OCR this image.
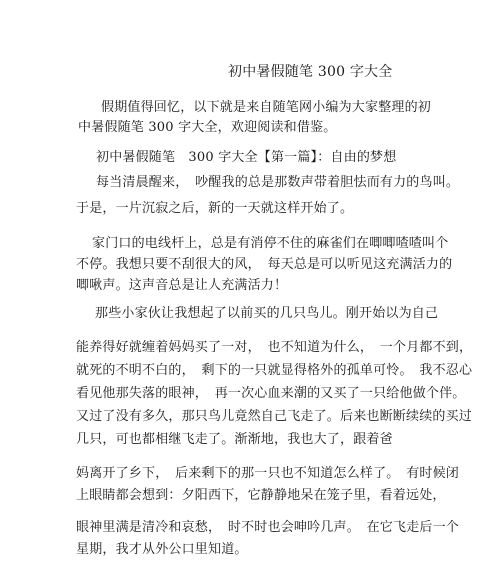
初中暑假随笔 300 字大全
假期值得回忆，以下就是来自随笔网小编为大家整理的初
中暑假随笔 300 字大全，欢迎阅读和借鉴。
初中暑假随笔　300 字大全【第一篇】：自由的梦想
每当清晨醒来，　吵醒我的总是那数声带着胆怯而有力的鸟叫。
于是，一片沉寂之后，新的一天就这样开始了。
家门口的电线杆上，总是有消停不住的麻雀们在唧唧喳喳叫个
不停。我想只要不刮很大的风，　每天总是可以听见这充满活力的
唧啾声。这声音总是让人充满活力！
那些小家伙让我想起了以前买的几只鸟儿。刚开始以为自己
能养得好就缠着妈妈买了一对，　也不知道为什么，　一个月都不到，
就死的不明不白的，　剩下的一只就显得格外的孤单可怜。　我不忍心
看见他那失落的眼神，　再一次心血来潮的又买了一只给他做个伴。
又过了没有多久，那只鸟儿竟然自己飞走了。后来也断断续续的买过
几只，可也都相继飞走了。渐渐地，我也大了，跟着爸
妈离开了乡下，　后来剩下的那一只也不知道怎么样了。　有时候闭
上眼睛都会想到：夕阳西下，它静静地呆在笼子里，看着远处，
眼神里满是清冷和哀愁，　时不时也会呻吟几声。　在它飞走后一个
星期，我才从外公口里知道。
